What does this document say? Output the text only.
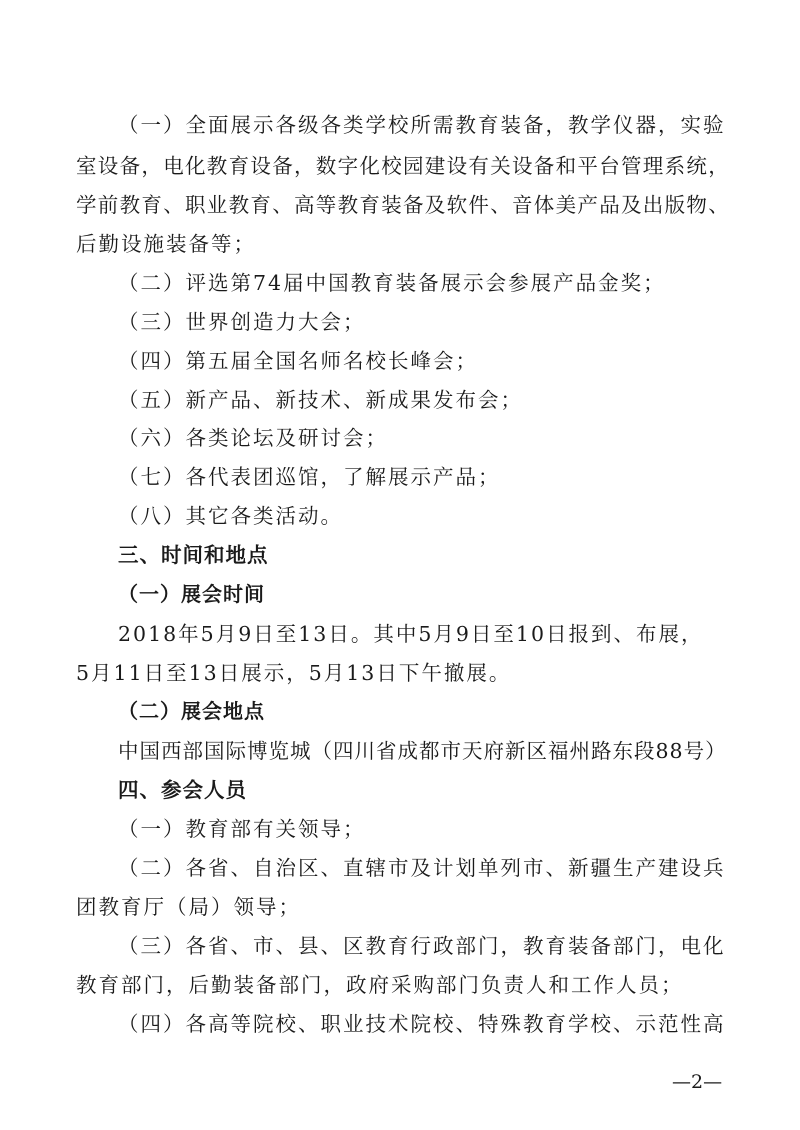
（一）全面展示各级各类学校所需教育装备，教学仪器，实验
室设备，电化教育设备，数字化校园建设有关设备和平台管理系统，
学前教育、职业教育、高等教育装备及软件、音体美产品及出版物、
后勤设施装备等；
（二）评选第74届中国教育装备展示会参展产品金奖；
（三）世界创造力大会；
（四）第五届全国名师名校长峰会；
（五）新产品、新技术、新成果发布会；
（六）各类论坛及研讨会；
（七）各代表团巡馆，了解展示产品；
（八）其它各类活动。
三、时间和地点
（一）展会时间
2018年5月9日至13日。其中5月9日至10日报到、布展，
5月11日至13日展示，5月13日下午撤展。
（二）展会地点
中国西部国际博览城（四川省成都市天府新区福州路东段88号）
四、参会人员
（一）教育部有关领导；
（二）各省、自治区、直辖市及计划单列市、新疆生产建设兵
团教育厅（局）领导；
（三）各省、市、县、区教育行政部门，教育装备部门，电化
教育部门，后勤装备部门，政府采购部门负责人和工作人员；
（四）各高等院校、职业技术院校、特殊教育学校、示范性高
—2—
